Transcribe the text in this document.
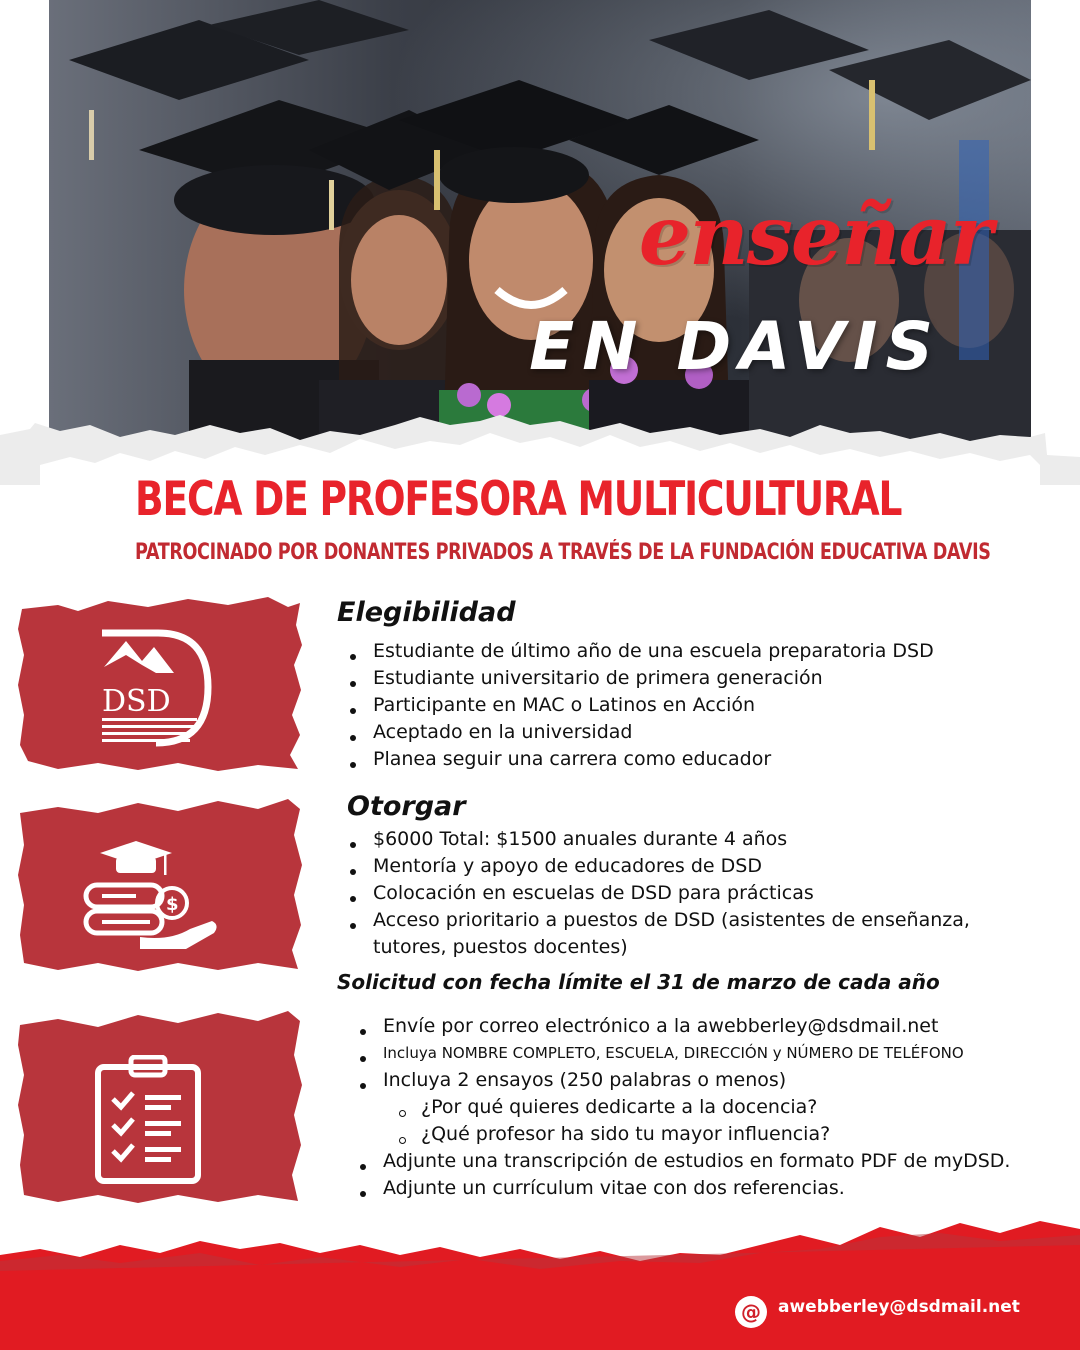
enseñar
EN DAVIS
BECA DE PROFESORA MULTICULTURAL
PATROCINADO POR DONANTES PRIVADOS A TRAVÉS DE LA FUNDACIÓN EDUCATIVA DAVIS
DSD
Elegibilidad
Estudiante de último año de una escuela preparatoria DSD
Estudiante universitario de primera generación
Participante en MAC o Latinos en Acción
Aceptado en la universidad
Planea seguir una carrera como educador
$
Otorgar
$6000 Total: $1500 anuales durante 4 años
Mentoría y apoyo de educadores de DSD
Colocación en escuelas de DSD para prácticas
Acceso prioritario a puestos de DSD (asistentes de enseñanza, tutores, puestos docentes)
Solicitud con fecha límite el 31 de marzo de cada año
Envíe por correo electrónico a la awebberley@dsdmail.net
Incluya NOMBRE COMPLETO, ESCUELA, DIRECCIÓN y NÚMERO DE TELÉFONO
Incluya 2 ensayos (250 palabras o menos)
¿Por qué quieres dedicarte a la docencia?
¿Qué profesor ha sido tu mayor influencia?
Adjunte una transcripción de estudios en formato PDF de myDSD.
Adjunte un currículum vitae con dos referencias.
@	awebberley@dsdmail.net
